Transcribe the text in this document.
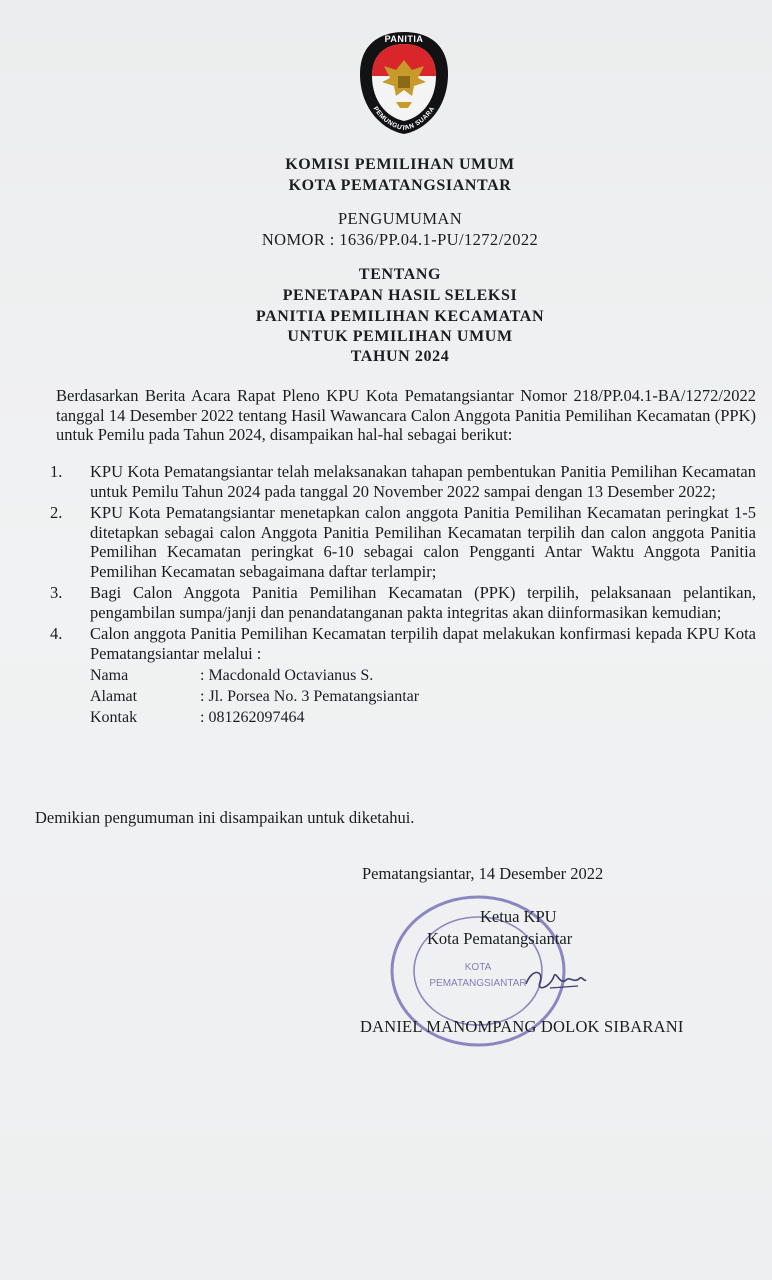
PANITIA
PEMUNGUTAN SUARA
KOMISI PEMILIHAN UMUM
KOTA PEMATANGSIANTAR
PENGUMUMAN
NOMOR : 1636/PP.04.1-PU/1272/2022
TENTANG
PENETAPAN HASIL SELEKSI
PANITIA PEMILIHAN KECAMATAN
UNTUK PEMILIHAN UMUM
TAHUN 2024
Berdasarkan Berita Acara Rapat Pleno KPU Kota Pematangsiantar Nomor 218/PP.04.1-BA/1272/2022 tanggal 14 Desember 2022 tentang Hasil Wawancara Calon Anggota Panitia Pemilihan Kecamatan (PPK) untuk Pemilu pada Tahun 2024, disampaikan hal-hal sebagai berikut:
1. KPU Kota Pematangsiantar telah melaksanakan tahapan pembentukan Panitia Pemilihan Kecamatan untuk Pemilu Tahun 2024 pada tanggal 20 November 2022 sampai dengan 13 Desember 2022;
2. KPU Kota Pematangsiantar menetapkan calon anggota Panitia Pemilihan Kecamatan peringkat 1-5 ditetapkan sebagai calon Anggota Panitia Pemilihan Kecamatan terpilih dan calon anggota Panitia Pemilihan Kecamatan peringkat 6-10 sebagai calon Pengganti Antar Waktu Anggota Panitia Pemilihan Kecamatan sebagaimana daftar terlampir;
3. Bagi Calon Anggota Panitia Pemilihan Kecamatan (PPK) terpilih, pelaksanaan pelantikan, pengambilan sumpa/janji dan penandatanganan pakta integritas akan diinformasikan kemudian;
4. Calon anggota Panitia Pemilihan Kecamatan terpilih dapat melakukan konfirmasi kepada KPU Kota Pematangsiantar melalui :
Nama	: Macdonald Octavianus S.
Alamat	: Jl. Porsea No. 3 Pematangsiantar
Kontak	: 081262097464
Demikian pengumuman ini disampaikan untuk diketahui.
Pematangsiantar, 14 Desember 2022
KOTA
PEMATANGSIANTAR
Ketua KPU
Kota Pematangsiantar
DANIEL MANOMPANG DOLOK SIBARANI
